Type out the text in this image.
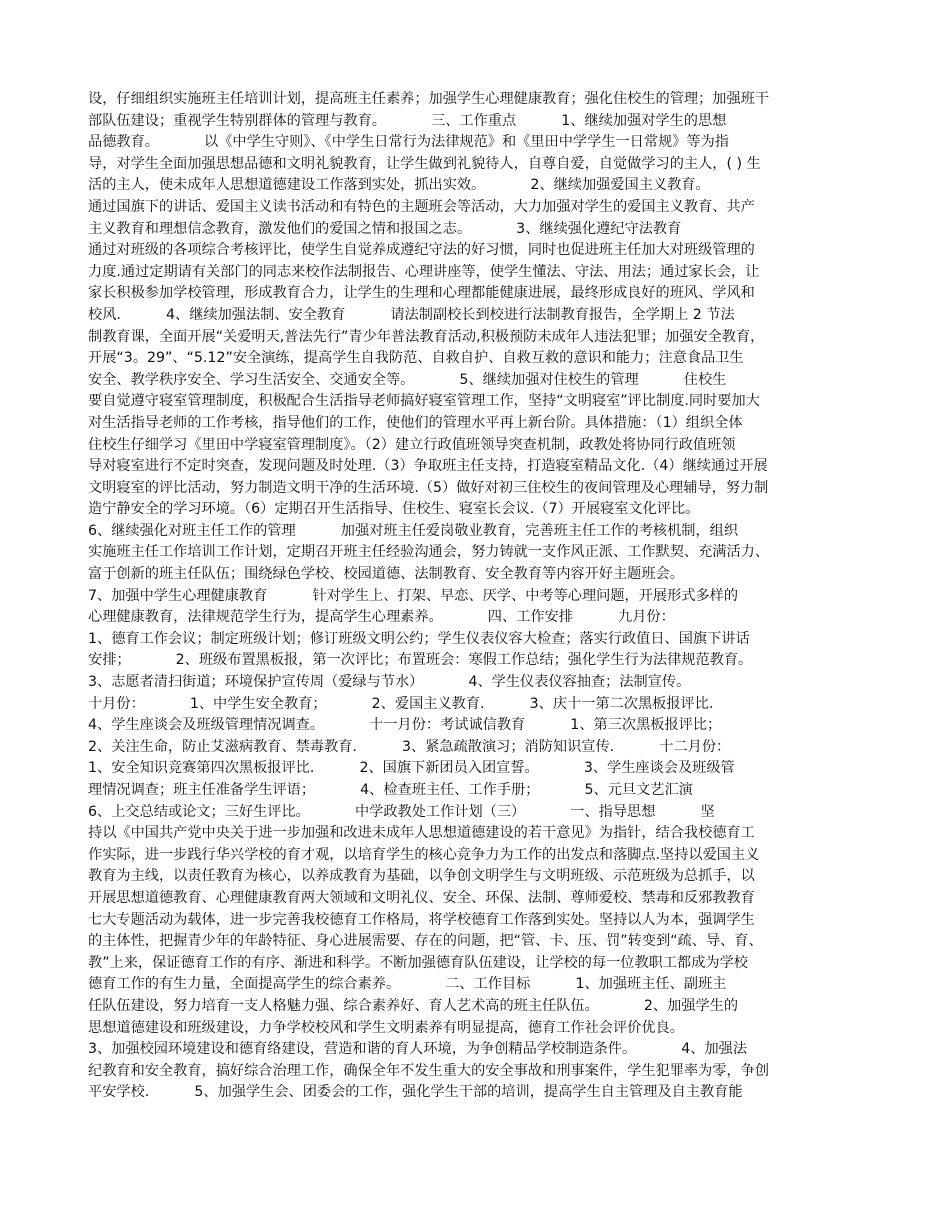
设，仔细组织实施班主任培训计划，提高班主任素养；加强学生心理健康教育；强化住校生的管理；加强班干
部队伍建设；重视学生特别群体的管理与教育。          三、工作重点          1、继续加强对学生的思想
品德教育。          以《中学生守则》、《中学生日常行为法律规范》和《里田中学学生一日常规》等为指
导，对学生全面加强思想品德和文明礼貌教育，让学生做到礼貌待人，自尊自爱，自觉做学习的主人，( ) 生
活的主人，使未成年人思想道德建设工作落到实处，抓出实效。          2、继续加强爱国主义教育。
通过国旗下的讲话、爱国主义读书活动和有特色的主题班会等活动，大力加强对学生的爱国主义教育、共产
主义教育和理想信念教育，激发他们的爱国之情和报国之志。          3、继续强化遵纪守法教育
通过对班级的各项综合考核评比，使学生自觉养成遵纪守法的好习惯，同时也促进班主任加大对班级管理的
力度.通过定期请有关部门的同志来校作法制报告、心理讲座等，使学生懂法、守法、用法；通过家长会，让
家长积极参加学校管理，形成教育合力，让学生的生理和心理都能健康进展，最终形成良好的班风、学风和
校风.          4、继续加强法制、安全教育          请法制副校长到校进行法制教育报告，全学期上 2 节法
制教育课，全面开展“关爱明天,普法先行”青少年普法教育活动,积极预防未成年人违法犯罪；加强安全教育，
开展“3。29”、“5.12”安全演练，提高学生自我防范、自救自护、自救互救的意识和能力；注意食品卫生
安全、教学秩序安全、学习生活安全、交通安全等。          5、继续加强对住校生的管理          住校生
要自觉遵守寝室管理制度，积极配合生活指导老师搞好寝室管理工作，坚持“文明寝室”评比制度.同时要加大
对生活指导老师的工作考核，指导他们的工作，使他们的管理水平再上新台阶。具体措施：（1）组织全体
住校生仔细学习《里田中学寝室管理制度》。（2）建立行政值班领导突查机制，政教处将协同行政值班领
导对寝室进行不定时突查，发现问题及时处理.（3）争取班主任支持，打造寝室精品文化.（4）继续通过开展
文明寝室的评比活动，努力制造文明干净的生活环境.（5）做好对初三住校生的夜间管理及心理辅导，努力制
造宁静安全的学习环境。（6）定期召开生活指导、住校生、寝室长会议.（7）开展寝室文化评比。
6、继续强化对班主任工作的管理          加强对班主任爱岗敬业教育，完善班主任工作的考核机制，组织
实施班主任工作培训工作计划，定期召开班主任经验沟通会，努力铸就一支作风正派、工作默契、充满活力、
富于创新的班主任队伍；围绕绿色学校、校园道德、法制教育、安全教育等内容开好主题班会。
7、加强中学生心理健康教育          针对学生上、打架、早恋、厌学、中考等心理问题，开展形式多样的
心理健康教育，法律规范学生行为，提高学生心理素养。          四、工作安排          九月份：
1、德育工作会议；制定班级计划；修订班级文明公约；学生仪表仪容大检查；落实行政值日、国旗下讲话
安排；          2、班级布置黑板报，第一次评比；布置班会：寒假工作总结；强化学生行为法律规范教育。
3、志愿者清扫街道；环境保护宣传周（爱绿与节水）          4、学生仪表仪容抽查；法制宣传。
十月份：          1、中学生安全教育；          2、爱国主义教育.          3、庆十一第二次黑板报评比.
4、学生座谈会及班级管理情况调查。          十一月份：考试诚信教育          1、第三次黑板报评比；
2、关注生命，防止艾滋病教育、禁毒教育.          3、紧急疏散演习；消防知识宣传.          十二月份：
1、安全知识竞赛第四次黑板报评比.          2、国旗下新团员入团宣誓。          3、学生座谈会及班级管
理情况调查；班主任准备学生评语；          4、检查班主任、工作手册；          5、元旦文艺汇演
6、上交总结或论文；三好生评比。          中学政教处工作计划（三）          一、指导思想          坚
持以《中国共产党中央关于进一步加强和改进未成年人思想道德建设的若干意见》为指针，结合我校德育工
作实际，进一步践行华兴学校的育才观，以培育学生的核心竞争力为工作的出发点和落脚点.坚持以爱国主义
教育为主线，以责任教育为核心，以养成教育为基础，以争创文明学生与文明班级、示范班级为总抓手，以
开展思想道德教育、心理健康教育两大领域和文明礼仪、安全、环保、法制、尊师爱校、禁毒和反邪教教育
七大专题活动为载体，进一步完善我校德育工作格局，将学校德育工作落到实处。坚持以人为本，强调学生
的主体性，把握青少年的年龄特征、身心进展需要、存在的问题，把“管、卡、压、罚”转变到“疏、导、育、
教”上来，保证德育工作的有序、渐进和科学。不断加强德育队伍建设，让学校的每一位教职工都成为学校
德育工作的有生力量，全面提高学生的综合素养。          二、工作目标          1、加强班主任、副班主
任队伍建设，努力培育一支人格魅力强、综合素养好、育人艺术高的班主任队伍。          2、加强学生的
思想道德建设和班级建设，力争学校校风和学生文明素养有明显提高，德育工作社会评价优良。
3、加强校园环境建设和德育络建设，营造和谐的育人环境，为争创精品学校制造条件。          4、加强法
纪教育和安全教育，搞好综合治理工作，确保全年不发生重大的安全事故和刑事案件，学生犯罪率为零，争创
平安学校.          5、加强学生会、团委会的工作，强化学生干部的培训，提高学生自主管理及自主教育能
